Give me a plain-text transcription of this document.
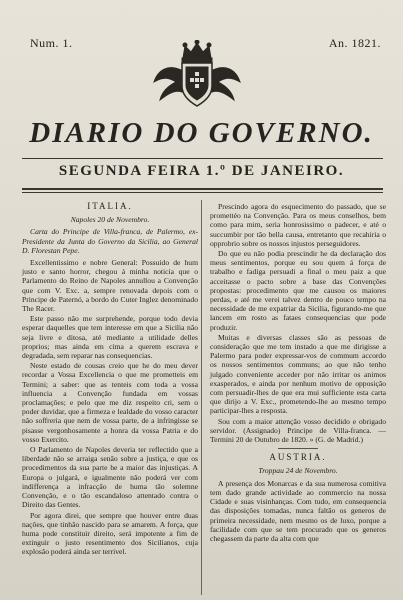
Num. 1.	An. 1821.
DIARIO DO GOVERNO.
SEGUNDA FEIRA 1.º DE JANEIRO.
ITALIA.
Napoles 20 de Novembro.
Carta do Principe de Villa-franca, de Palermo, ex-Presidente da Junta do Governo da Sicilia, ao General D. Florestan Pepe.

Excellentissimo e nobre General: Possuido de hum justo e santo horror, chegou á minha noticia que o Parlamento do Reino de Napoles annullou a Convenção que com V. Exc. a, sempre renovada depois com o Principe de Paternó, a bordo do Cuter Inglez denominado The Racer.

Este passo não me surprehende, porque todo devia esperar daquelles que tem interesse em que a Sicilia não seja livre e ditosa, até mediante a utilidade delles proprios; mas ainda em cima a querem escrava e degradada, sem reparar nas consequencias.

Neste estado de cousas creio que he do meu dever recordar a Vossa Excellencia o que me prometteis em Termini; a saber: que as tenteis com toda a vossa influencia a Convenção fundada em vossas proclamações; e pelo que me diz respeito cri, sem o poder duvidar, que a firmeza e lealdade do vosso caracter não soffreria que nem de vossa parte, de a infringisse se pisasse vergonhosamente a honra da vossa Patria e do vosso Exercito.

O Parlamento de Napoles deveria ter reflectido que a liberdade não se arraiga senão sobre a justiça, e que os procedimentos da sua parte he a maior das injustiças. A Europa o julgará, e igualmente não poderá ver com indifferença a infracção de huma tão solemne Convenção, e o tão escandaloso attentado contra o Direito das Gentes.

Por agora direi, que sempre que houver entre duas nações, que tinhão nascido para se amarem. A força, que huma pode constituir direito, será impotente a fim de extinguir o justo resentimento dos Sicilianos, cuja explosão poderá ainda ser terrivel.

Prescindo agora do esquecimento do passado, que se promettéo na Convenção. Para os meus conselhos, bem como para mim, seria honrosissimo o padecer, e até o succumbir por tão bella causa, entretanto que recahiria o opprobrio sobre os nossos injustos perseguidores.

Do que eu não podia prescindir he da declaração dos meus sentimentos, porque eu sou quem á força de trabalho e fadiga persuadi a final o meu paiz a que acceitasse o pacto sobre a base das Convenções propostas: procedimento que me causou os maiores perdas, e até me verei talvez dentro de pouco tempo na necessidade de me expatriar da Sicilia, figurando-me que lancem em rosto as fataes consequencias que pode produzir.

Muitas e diversas classes são as pessoas de consideração que me tem instado a que me dirigisse a Palermo para poder expressar-vos de commum accordo os nossos sentimentos communs; ao que não tenho julgado conveniente acceder por não irritar os animos exasperados, e ainda por nenhum motivo de opposição com persuadir-lhes de que era mui sufficiente esta carta que dirijo a V. Exc., prometendo-lhe ao mesmo tempo participar-lhes a resposta.

Sou com a maior attenção vosso decidido e obrigado servidor. (Assignado) Principe de Villa-franca. — Termini 20 de Outubro de 1820. » (G. de Madrid.)

AUSTRIA.
Troppau 24 de Novembro.

A presença dos Monarcas e da sua numerosa comitiva tem dado grande actividade ao commercio na nossa Cidade e suas visinhanças. Com tudo, em consequencia das disposições tomadas, nunca faltão os generos de primeira necessidade, nem mesmo os de luxo, porque a facilidade com que se tem procurado que os generos chegassem da parte da alta com que
